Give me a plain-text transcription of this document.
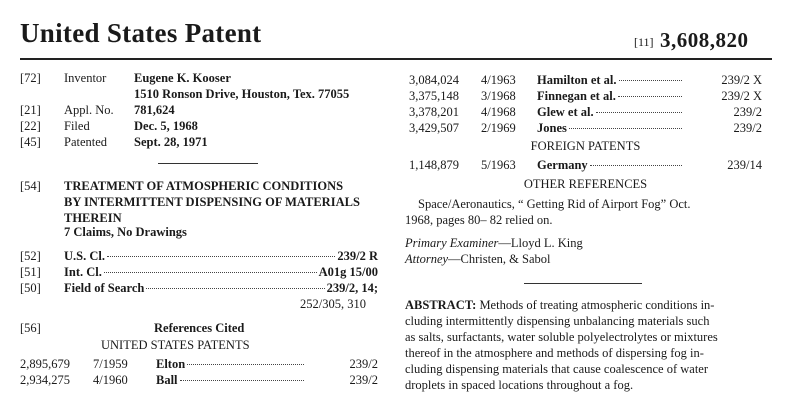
United States Patent	[11] 3,608,820
[72] Inventor Eugene K. Kooser
1510 Ronson Drive, Houston, Tex. 77055
[21] Appl. No. 781,624
[22] Filed	Dec. 5, 1968
[45] Patented Sept. 28, 1971
[54] TREATMENT OF ATMOSPHERIC CONDITIONS
BY INTERMITTENT DISPENSING OF MATERIALS
THEREIN
7 Claims, No Drawings
[52] U.S. Cl.	239/2 R
[51] Int. Cl.	A01g 15/00
[50] Field of Search	239/2, 14;
252/305, 310
[56]	References Cited
UNITED STATES PATENTS
2,895,679 7/1959 Elton	239/2
2,934,275 4/1960 Ball	239/2
3,084,024 4/1963 Hamilton et al.	239/2 X
3,375,148 3/1968 Finnegan et al.	239/2 X
3,378,201 4/1968 Glew et al.	239/2
3,429,507 2/1969 Jones	239/2
FOREIGN PATENTS
1,148,879 5/1963 Germany	239/14
OTHER REFERENCES
Space/Aeronautics, “ Getting Rid of Airport Fog” Oct.
1968, pages 80– 82 relied on.
Primary Examiner—Lloyd L. King
Attorney—Christen, & Sabol
ABSTRACT: Methods of treating atmospheric conditions in-
cluding intermittently dispensing unbalancing materials such
as salts, surfactants, water soluble polyelectrolytes or mixtures
thereof in the atmosphere and methods of dispersing fog in-
cluding dispensing materials that cause coalescence of water
droplets in spaced locations throughout a fog.
